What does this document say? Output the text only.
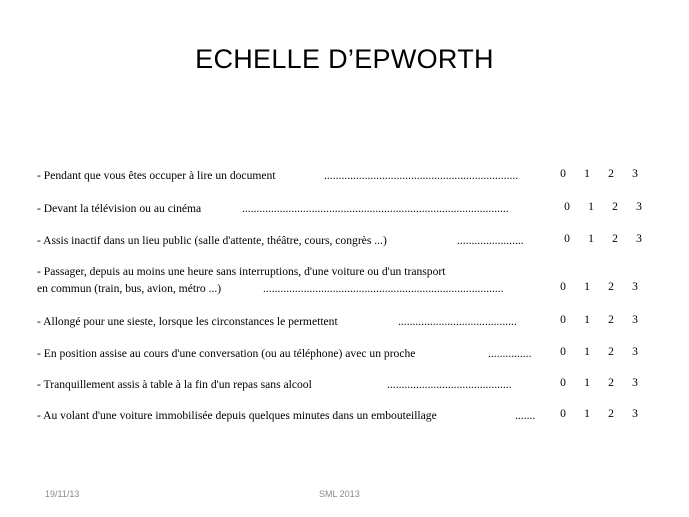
ECHELLE D’EPWORTH
- Pendant que vous êtes occuper à lire un document	...................................................................	0 1 2 3
- Devant la télévision ou au cinéma	............................................................................................	0 1 2 3
- Assis inactif dans un lieu public (salle d'attente, théâtre, cours, congrès ...)	.......................	0 1 2 3
- Passager, depuis au moins une heure sans interruptions, d'une voiture ou d'un transport
en commun (train, bus, avion, métro ...)	...................................................................................	0 1 2 3
- Allongé pour une sieste, lorsque les circonstances le permettent	.........................................	0 1 2 3
- En position assise au cours d'une conversation (ou au téléphone) avec un proche	...............	0 1 2 3
- Tranquillement assis à table à la fin d'un repas sans alcool	...........................................	0 1 2 3
- Au volant d'une voiture immobilisée depuis quelques minutes dans un embouteillage	.......	0 1 2 3
19/11/13	SML 2013
